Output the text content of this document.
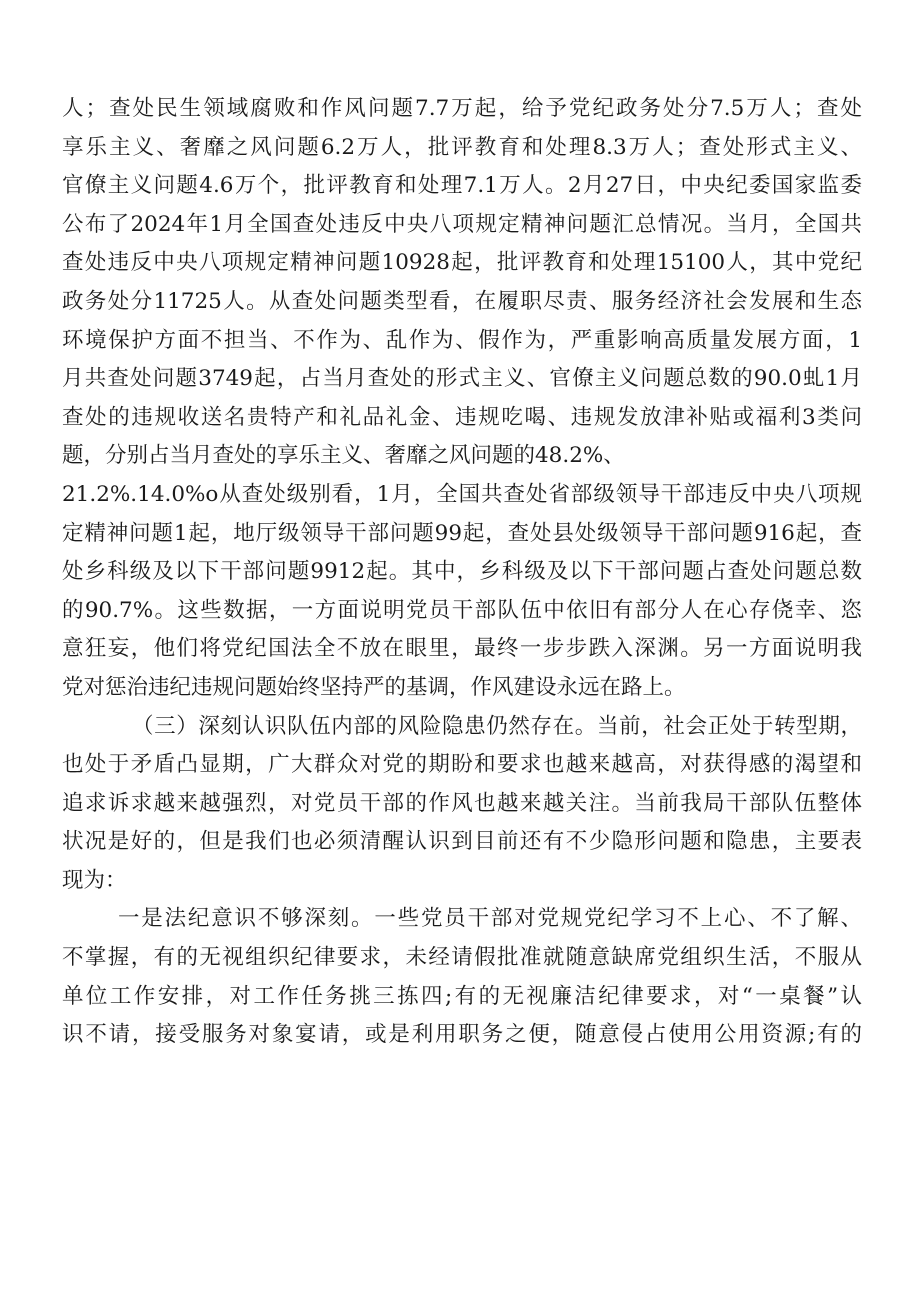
人；查处民生领域腐败和作风问题7.7万起，给予党纪政务处分7.5万人；查处
享乐主义、奢靡之风问题6.2万人，批评教育和处理8.3万人；查处形式主义、
官僚主义问题4.6万个，批评教育和处理7.1万人。2月27日，中央纪委国家监委
公布了2024年1月全国查处违反中央八项规定精神问题汇总情况。当月，全国共
查处违反中央八项规定精神问题10928起，批评教育和处理15100人，其中党纪
政务处分11725人。从查处问题类型看，在履职尽责、服务经济社会发展和生态
环境保护方面不担当、不作为、乱作为、假作为，严重影响高质量发展方面，1
月共查处问题3749起，占当月查处的形式主义、官僚主义问题总数的90.0虬1月
查处的违规收送名贵特产和礼品礼金、违规吃喝、违规发放津补贴或福利3类问
题，分别占当月查处的享乐主义、奢靡之风问题的48.2%、
21.2%.14.0%o从查处级别看，1月，全国共查处省部级领导干部违反中央八项规
定精神问题1起，地厅级领导干部问题99起，查处县处级领导干部问题916起，查
处乡科级及以下干部问题9912起。其中，乡科级及以下干部问题占查处问题总数
的90.7%。这些数据，一方面说明党员干部队伍中依旧有部分人在心存侥幸、恣
意狂妄，他们将党纪国法全不放在眼里，最终一步步跌入深渊。另一方面说明我
党对惩治违纪违规问题始终坚持严的基调，作风建设永远在路上。
（三）深刻认识队伍内部的风险隐患仍然存在。当前，社会正处于转型期，
也处于矛盾凸显期，广大群众对党的期盼和要求也越来越高，对获得感的渴望和
追求诉求越来越强烈，对党员干部的作风也越来越关注。当前我局干部队伍整体
状况是好的，但是我们也必须清醒认识到目前还有不少隐形问题和隐患，主要表
现为：
一是法纪意识不够深刻。一些党员干部对党规党纪学习不上心、不了解、
不掌握，有的无视组织纪律要求，未经请假批准就随意缺席党组织生活，不服从
单位工作安排，对工作任务挑三拣四;有的无视廉洁纪律要求，对“一桌餐”认
识不请，接受服务对象宴请，或是利用职务之便，随意侵占使用公用资源;有的
